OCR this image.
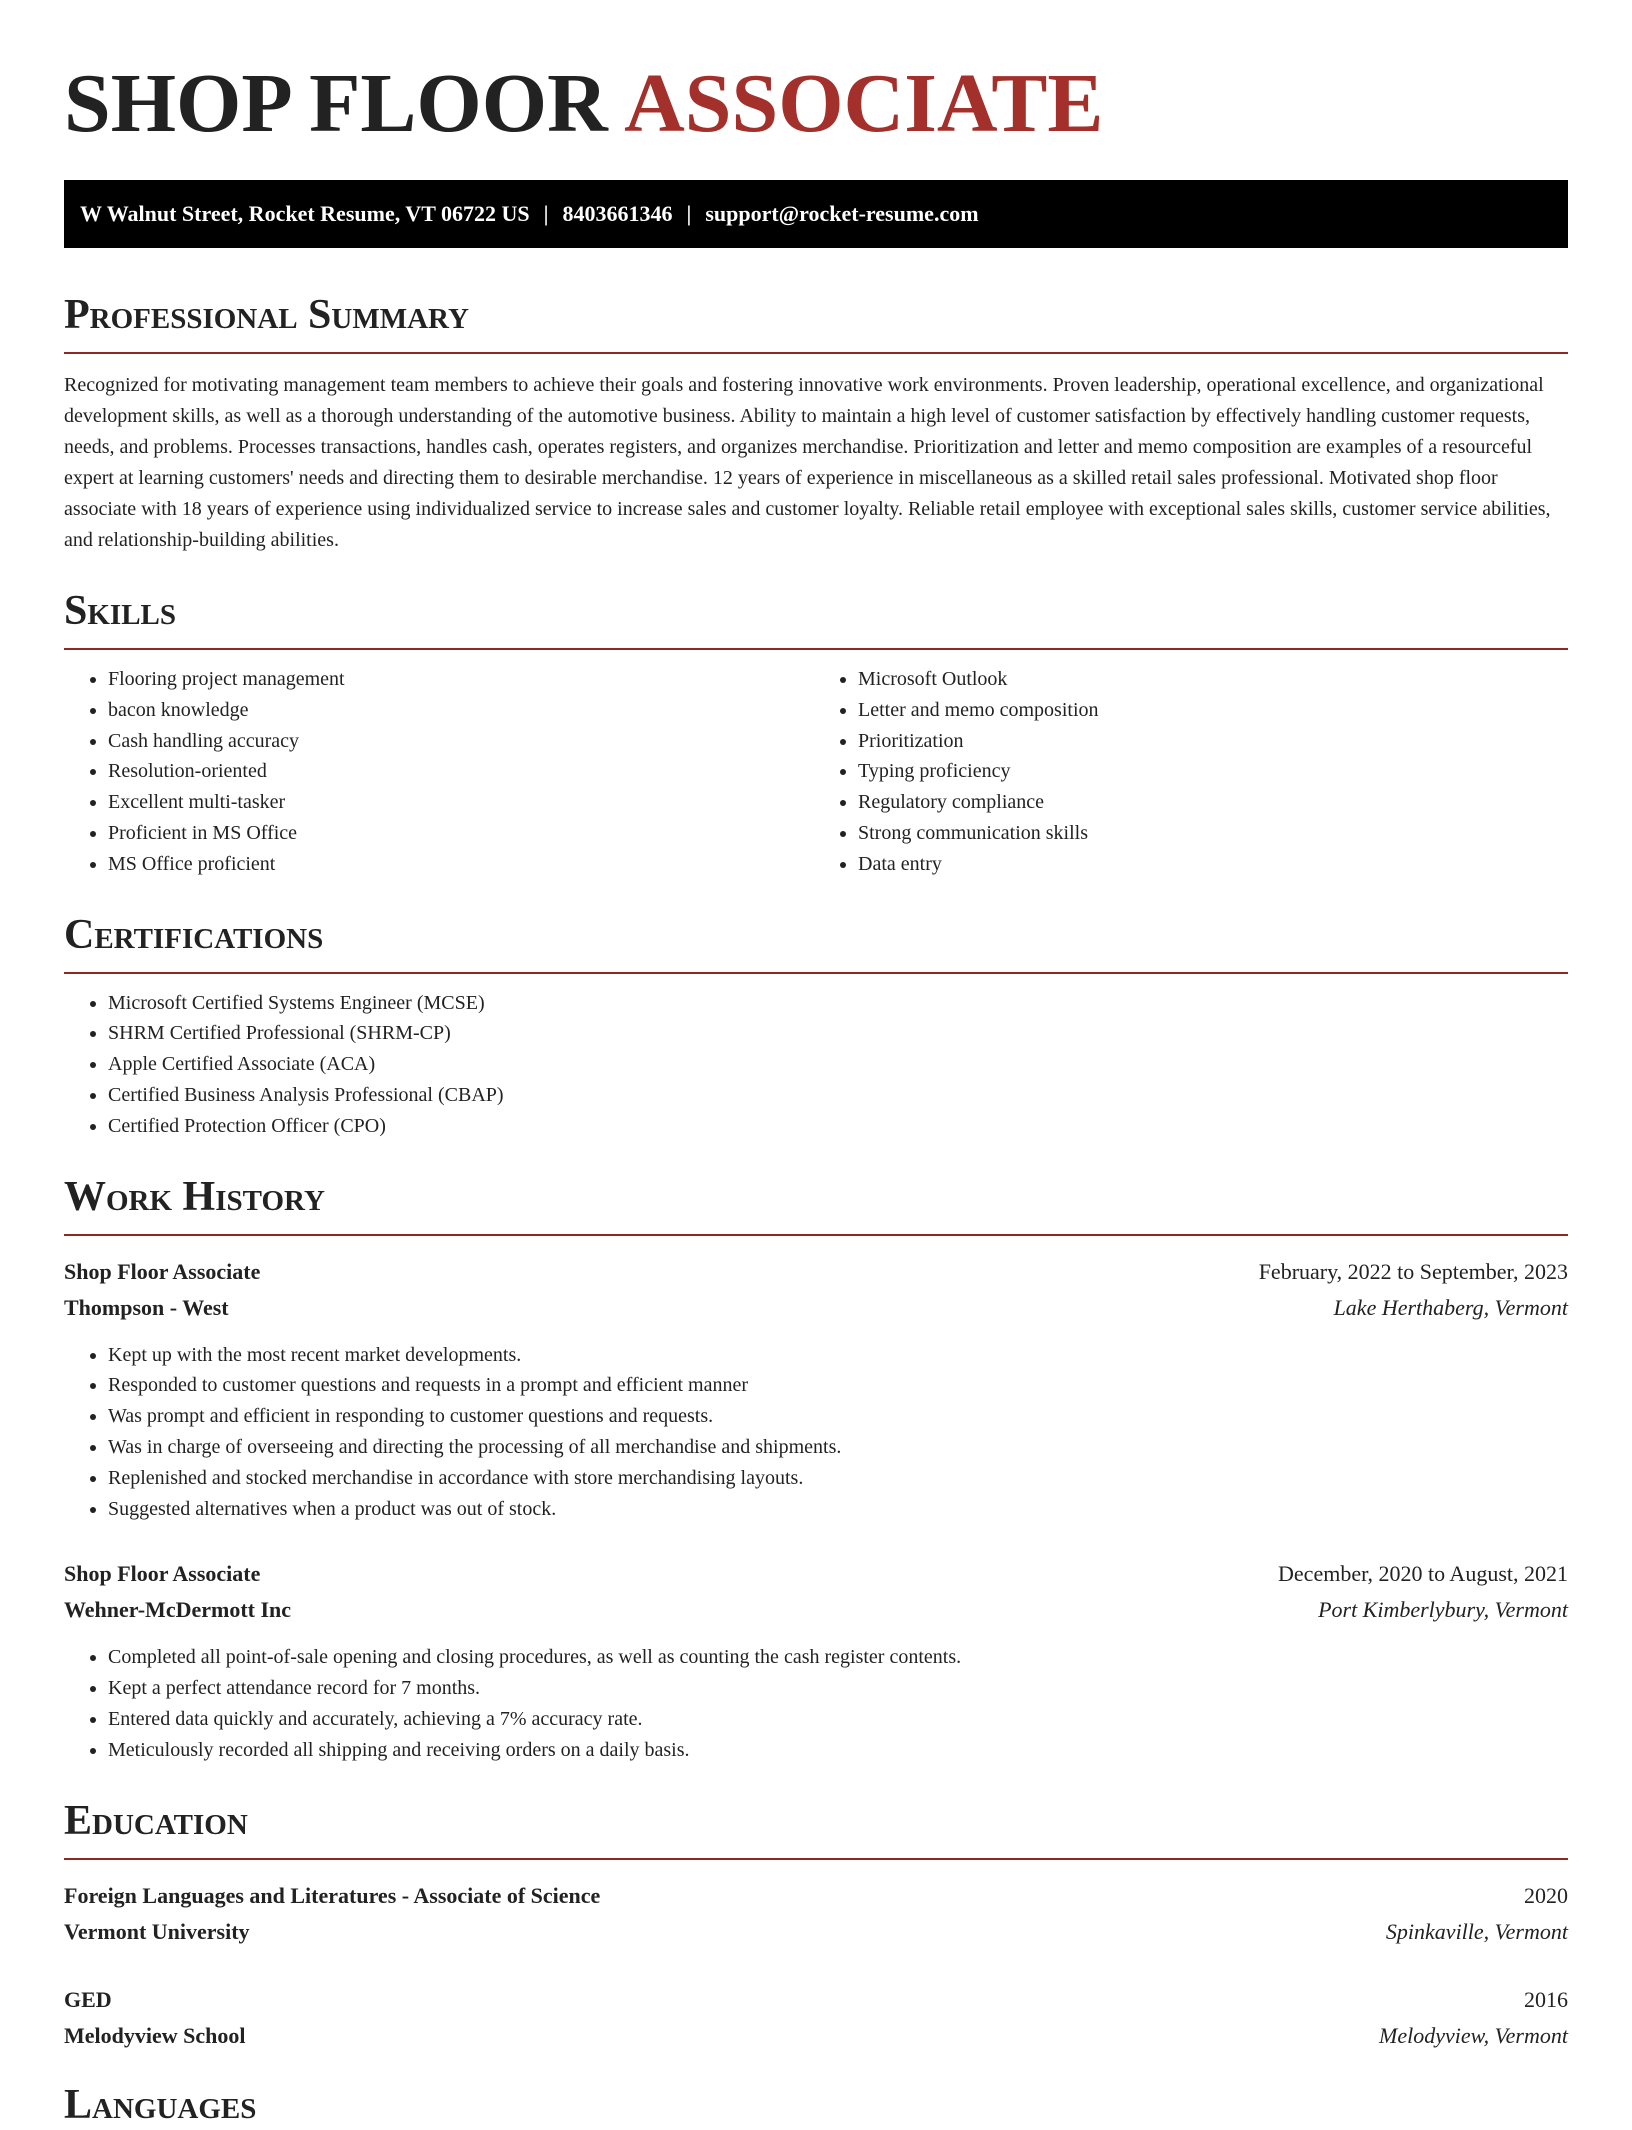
SHOP FLOOR ASSOCIATE
W Walnut Street, Rocket Resume, VT 06722 US | 8403661346 | support@rocket-resume.com
Professional Summary

Recognized for motivating management team members to achieve their goals and fostering innovative work environments. Proven leadership, operational excellence, and organizational development skills, as well as a thorough understanding of the automotive business. Ability to maintain a high level of customer satisfaction by effectively handling customer requests, needs, and problems. Processes transactions, handles cash, operates registers, and organizes merchandise. Prioritization and letter and memo composition are examples of a resourceful expert at learning customers' needs and directing them to desirable merchandise. 12 years of experience in miscellaneous as a skilled retail sales professional. Motivated shop floor associate with 18 years of experience using individualized service to increase sales and customer loyalty. Reliable retail employee with exceptional sales skills, customer service abilities, and relationship-building abilities.

Skills
• Flooring project management
• bacon knowledge
• Cash handling accuracy
• Resolution-oriented
• Excellent multi-tasker
• Proficient in MS Office
• MS Office proficient
• Microsoft Outlook
• Letter and memo composition
• Prioritization
• Typing proficiency
• Regulatory compliance
• Strong communication skills
• Data entry
Certifications
• Microsoft Certified Systems Engineer (MCSE)
• SHRM Certified Professional (SHRM-CP)
• Apple Certified Associate (ACA)
• Certified Business Analysis Professional (CBAP)
• Certified Protection Officer (CPO)
Work History
Shop Floor Associate	February, 2022 to September, 2023
Thompson - West	Lake Herthaberg, Vermont
• Kept up with the most recent market developments.
• Responded to customer questions and requests in a prompt and efficient manner
• Was prompt and efficient in responding to customer questions and requests.
• Was in charge of overseeing and directing the processing of all merchandise and shipments.
• Replenished and stocked merchandise in accordance with store merchandising layouts.
• Suggested alternatives when a product was out of stock.
Shop Floor Associate	December, 2020 to August, 2021
Wehner-McDermott Inc	Port Kimberlybury, Vermont
• Completed all point-of-sale opening and closing procedures, as well as counting the cash register contents.
• Kept a perfect attendance record for 7 months.
• Entered data quickly and accurately, achieving a 7% accuracy rate.
• Meticulously recorded all shipping and receiving orders on a daily basis.
Education
Foreign Languages and Literatures - Associate of Science	2020
Vermont University	Spinkaville, Vermont
GED	2016
Melodyview School	Melodyview, Vermont
Languages
